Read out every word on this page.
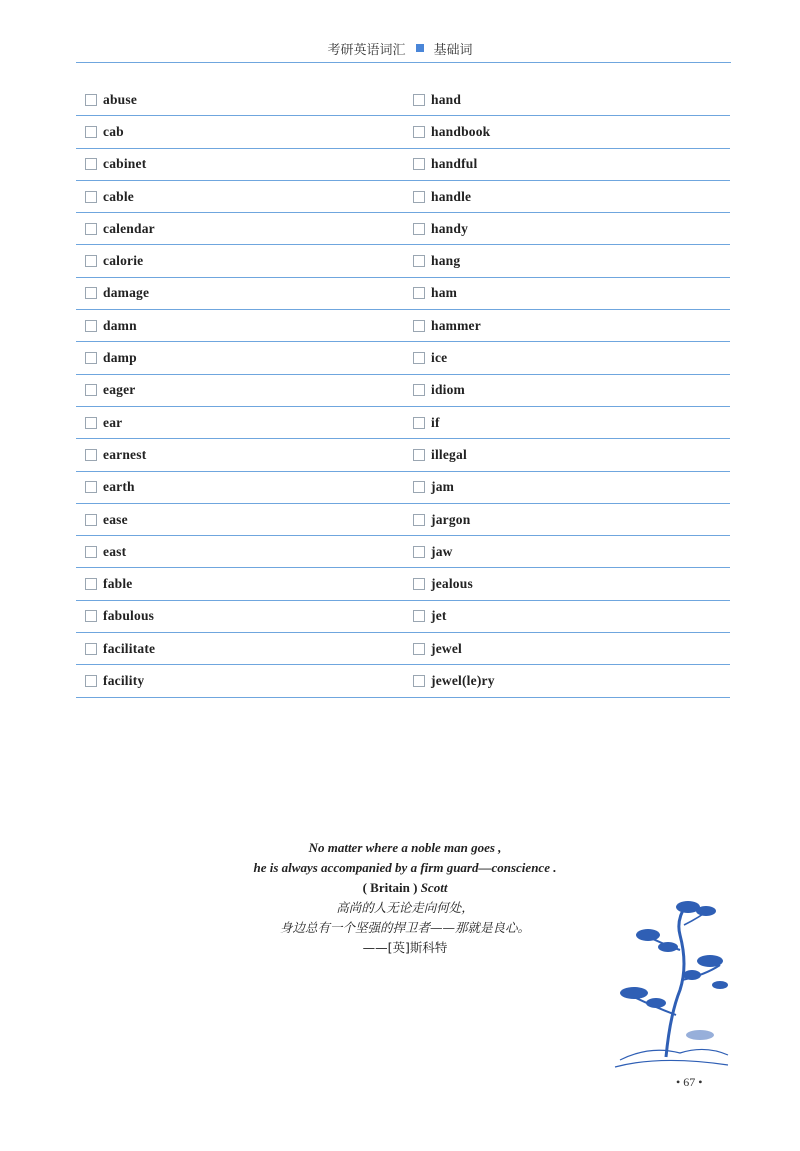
考研英语词汇 基础词
abuse
cab
cabinet
cable
calendar
calorie
damage
damn
damp
eager
ear
earnest
earth
ease
east
fable
fabulous
facilitate
facility
hand
handbook
handful
handle
handy
hang
ham
hammer
ice
idiom
if
illegal
jam
jargon
jaw
jealous
jet
jewel
jewel(le)ry
No matter where a noble man goes ,
he is always accompanied by a firm guard—conscience .
( Britain ) Scott
高尚的人无论走向何处，
身边总有一个坚强的捍卫者——那就是良心。
——[英]斯科特
• 67 •
